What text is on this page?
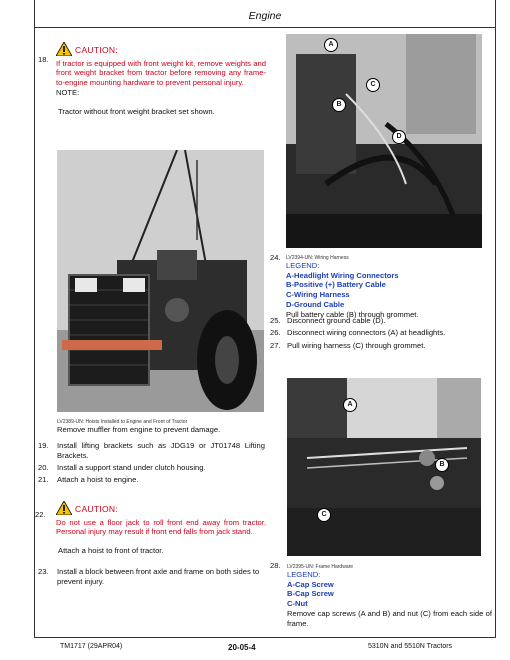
Engine
18.
CAUTION:
If tractor is equipped with front weight kit, remove weights and front weight bracket from tractor before removing any frame-to-engine mounting hardware to prevent personal injury.
NOTE:
Tractor without front weight bracket set shown.
LV2389-UN: Hoists Installed to Engine and Front of Tractor
Remove muffler from engine to prevent damage.
19. Install lifting brackets such as JDG19 or JT01748 Lifting Brackets.
20. Install a support stand under clutch housing.
21. Attach a hoist to engine.
22.
CAUTION:
Do not use a floor jack to roll front end away from tractor. Personal injury may result if front end falls from jack stand.
Attach a hoist to front of tractor.
23. Install a block between front axle and frame on both sides to prevent injury.
A
B
C
D
24. LV2394-UN: Wiring Harness
LEGEND:
A-Headlight Wiring Connectors
B-Positive (+) Battery Cable
C-Wiring Harness
D-Ground Cable
Pull battery cable (B) through grommet.
25. Disconnect ground cable (D).
26. Disconnect wiring connectors (A) at headlights.
27. Pull wiring harness (C) through grommet.
A
B
C
28. LV2395-UN: Frame Hardware
LEGEND:
A-Cap Screw
B-Cap Screw
C-Nut
Remove cap screws (A and B) and nut (C) from each side of frame.
TM1717 (29APR04)	20-05-4	5310N and 5510N Tractors
